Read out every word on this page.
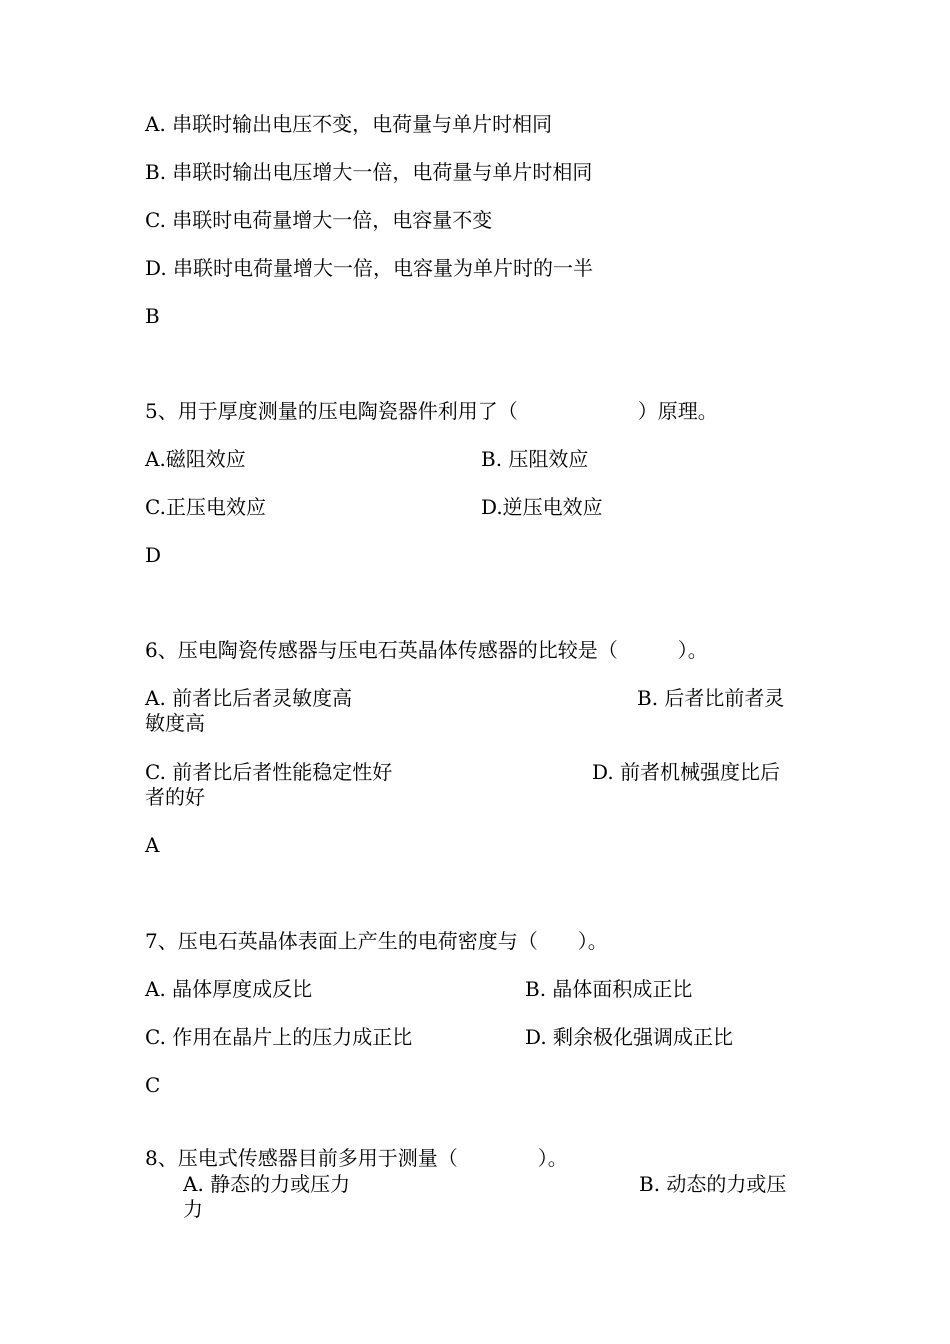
A. 串联时输出电压不变，电荷量与单片时相同
B. 串联时输出电压增大一倍，电荷量与单片时相同
C. 串联时电荷量增大一倍，电容量不变
D. 串联时电荷量增大一倍，电容量为单片时的一半
B
5、用于厚度测量的压电陶瓷器件利用了（　　　　　　）原理。
A.磁阻效应	B. 压阻效应
C.正压电效应	D.逆压电效应
D
6、压电陶瓷传感器与压电石英晶体传感器的比较是（　　　）。
A. 前者比后者灵敏度高	B. 后者比前者灵
敏度高
C. 前者比后者性能稳定性好	D. 前者机械强度比后
者的好
A
7、压电石英晶体表面上产生的电荷密度与（　　）。
A. 晶体厚度成反比	B. 晶体面积成正比
C. 作用在晶片上的压力成正比	D. 剩余极化强调成正比
C
8、压电式传感器目前多用于测量（　　　　）。
A. 静态的力或压力	B. 动态的力或压
力
